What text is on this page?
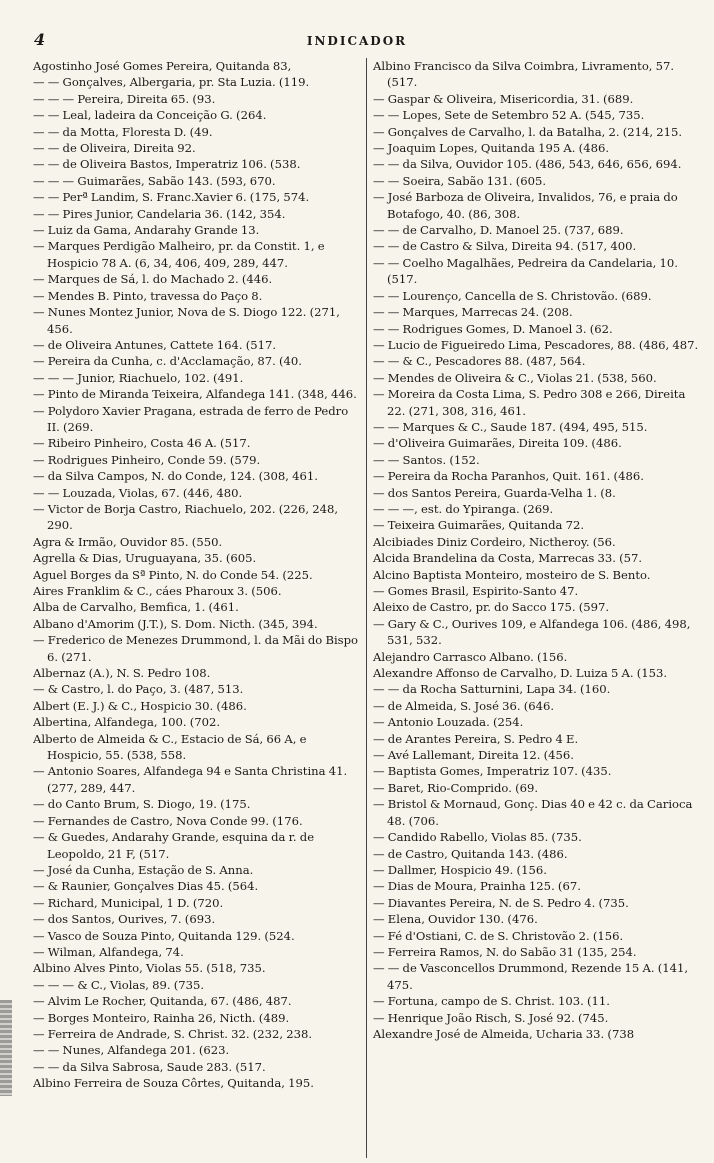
4	INDICADOR
Agostinho José Gomes Pereira, Quitanda 83,
— — Gonçalves, Albergaria, pr. Sta Luzia. (119.
— — — Pereira, Direita 65. (93.
— — Leal, ladeira da Conceição G. (264.
— — da Motta, Floresta D. (49.
— — de Oliveira, Direita 92.
— — de Oliveira Bastos, Imperatriz 106. (538.
— — — Guimarães, Sabão 143. (593, 670.
— — Perª Landim, S. Franc.Xavier 6. (175, 574.
— — Pires Junior, Candelaria 36. (142, 354.
— Luiz da Gama, Andarahy Grande 13.
— Marques Perdigão Malheiro, pr. da Constit. 1, e Hospicio 78 A. (6, 34, 406, 409, 289, 447.
— Marques de Sá, l. do Machado 2. (446.
— Mendes B. Pinto, travessa do Paço 8.
— Nunes Montez Junior, Nova de S. Diogo 122. (271, 456.
— de Oliveira Antunes, Cattete 164. (517.
— Pereira da Cunha, c. d'Acclamação, 87. (40.
— — — Junior, Riachuelo, 102. (491.
— Pinto de Miranda Teixeira, Alfandega 141. (348, 446.
— Polydoro Xavier Pragana, estrada de ferro de Pedro II. (269.
— Ribeiro Pinheiro, Costa 46 A. (517.
— Rodrigues Pinheiro, Conde 59. (579.
— da Silva Campos, N. do Conde, 124. (308, 461.
— — Louzada, Violas, 67. (446, 480.
— Victor de Borja Castro, Riachuelo, 202. (226, 248, 290.
Agra & Irmão, Ouvidor 85. (550.
Agrella & Dias, Uruguayana, 35. (605.
Aguel Borges da Sª Pinto, N. do Conde 54. (225.
Aires Franklim & C., cáes Pharoux 3. (506.
Alba de Carvalho, Bemfica, 1. (461.
Albano d'Amorim (J.T.), S. Dom. Nicth. (345, 394.
— Frederico de Menezes Drummond, l. da Mãi do Bispo 6. (271.
Albernaz (A.), N. S. Pedro 108.
— & Castro, l. do Paço, 3. (487, 513.
Albert (E. J.) & C., Hospicio 30. (486.
Albertina, Alfandega, 100. (702.
Alberto de Almeida & C., Estacio de Sá, 66 A, e Hospicio, 55. (538, 558.
— Antonio Soares, Alfandega 94 e Santa Christina 41. (277, 289, 447.
— do Canto Brum, S. Diogo, 19. (175.
— Fernandes de Castro, Nova Conde 99. (176.
— & Guedes, Andarahy Grande, esquina da r. de Leopoldo, 21 F, (517.
— José da Cunha, Estação de S. Anna.
— & Raunier, Gonçalves Dias 45. (564.
— Richard, Municipal, 1 D. (720.
— dos Santos, Ourives, 7. (693.
— Vasco de Souza Pinto, Quitanda 129. (524.
— Wilman, Alfandega, 74.
Albino Alves Pinto, Violas 55. (518, 735.
— — — & C., Violas, 89. (735.
— Alvim Le Rocher, Quitanda, 67. (486, 487.
— Borges Monteiro, Rainha 26, Nicth. (489.
— Ferreira de Andrade, S. Christ. 32. (232, 238.
— — Nunes, Alfandega 201. (623.
— — da Silva Sabrosa, Saude 283. (517.
Albino Ferreira de Souza Côrtes, Quitanda, 195.
Albino Francisco da Silva Coimbra, Livramento, 57. (517.
— Gaspar & Oliveira, Misericordia, 31. (689.
— — Lopes, Sete de Setembro 52 A. (545, 735.
— Gonçalves de Carvalho, l. da Batalha, 2. (214, 215.
— Joaquim Lopes, Quitanda 195 A. (486.
— — da Silva, Ouvidor 105. (486, 543, 646, 656, 694.
— — Soeira, Sabão 131. (605.
— José Barboza de Oliveira, Invalidos, 76, e praia do Botafogo, 40. (86, 308.
— — de Carvalho, D. Manoel 25. (737, 689.
— — de Castro & Silva, Direita 94. (517, 400.
— — Coelho Magalhães, Pedreira da Candelaria, 10. (517.
— — Lourenço, Cancella de S. Christovão. (689.
— — Marques, Marrecas 24. (208.
— — Rodrigues Gomes, D. Manoel 3. (62.
— Lucio de Figueiredo Lima, Pescadores, 88. (486, 487.
— — & C., Pescadores 88. (487, 564.
— Mendes de Oliveira & C., Violas 21. (538, 560.
— Moreira da Costa Lima, S. Pedro 308 e 266, Direita 22. (271, 308, 316, 461.
— — Marques & C., Saude 187. (494, 495, 515.
— d'Oliveira Guimarães, Direita 109. (486.
— — Santos. (152.
— Pereira da Rocha Paranhos, Quit. 161. (486.
— dos Santos Pereira, Guarda-Velha 1. (8.
— — —, est. do Ypiranga. (269.
— Teixeira Guimarães, Quitanda 72.
Alcibiades Diniz Cordeiro, Nictheroy. (56.
Alcida Brandelina da Costa, Marrecas 33. (57.
Alcino Baptista Monteiro, mosteiro de S. Bento.
— Gomes Brasil, Espirito-Santo 47.
Aleixo de Castro, pr. do Sacco 175. (597.
— Gary & C., Ourives 109, e Alfandega 106. (486, 498, 531, 532.
Alejandro Carrasco Albano. (156.
Alexandre Affonso de Carvalho, D. Luiza 5 A. (153.
— — da Rocha Satturnini, Lapa 34. (160.
— de Almeida, S. José 36. (646.
— Antonio Louzada. (254.
— de Arantes Pereira, S. Pedro 4 E.
— Avé Lallemant, Direita 12. (456.
— Baptista Gomes, Imperatriz 107. (435.
— Baret, Rio-Comprido. (69.
— Bristol & Mornaud, Gonç. Dias 40 e 42 c. da Carioca 48. (706.
— Candido Rabello, Violas 85. (735.
— de Castro, Quitanda 143. (486.
— Dallmer, Hospicio 49. (156.
— Dias de Moura, Prainha 125. (67.
— Diavantes Pereira, N. de S. Pedro 4. (735.
— Elena, Ouvidor 130. (476.
— Fé d'Ostiani, C. de S. Christovão 2. (156.
— Ferreira Ramos, N. do Sabão 31 (135, 254.
— — de Vasconcellos Drummond, Rezende 15 A. (141, 475.
— Fortuna, campo de S. Christ. 103. (11.
— Henrique João Risch, S. José 92. (745.
Alexandre José de Almeida, Ucharia 33. (738
